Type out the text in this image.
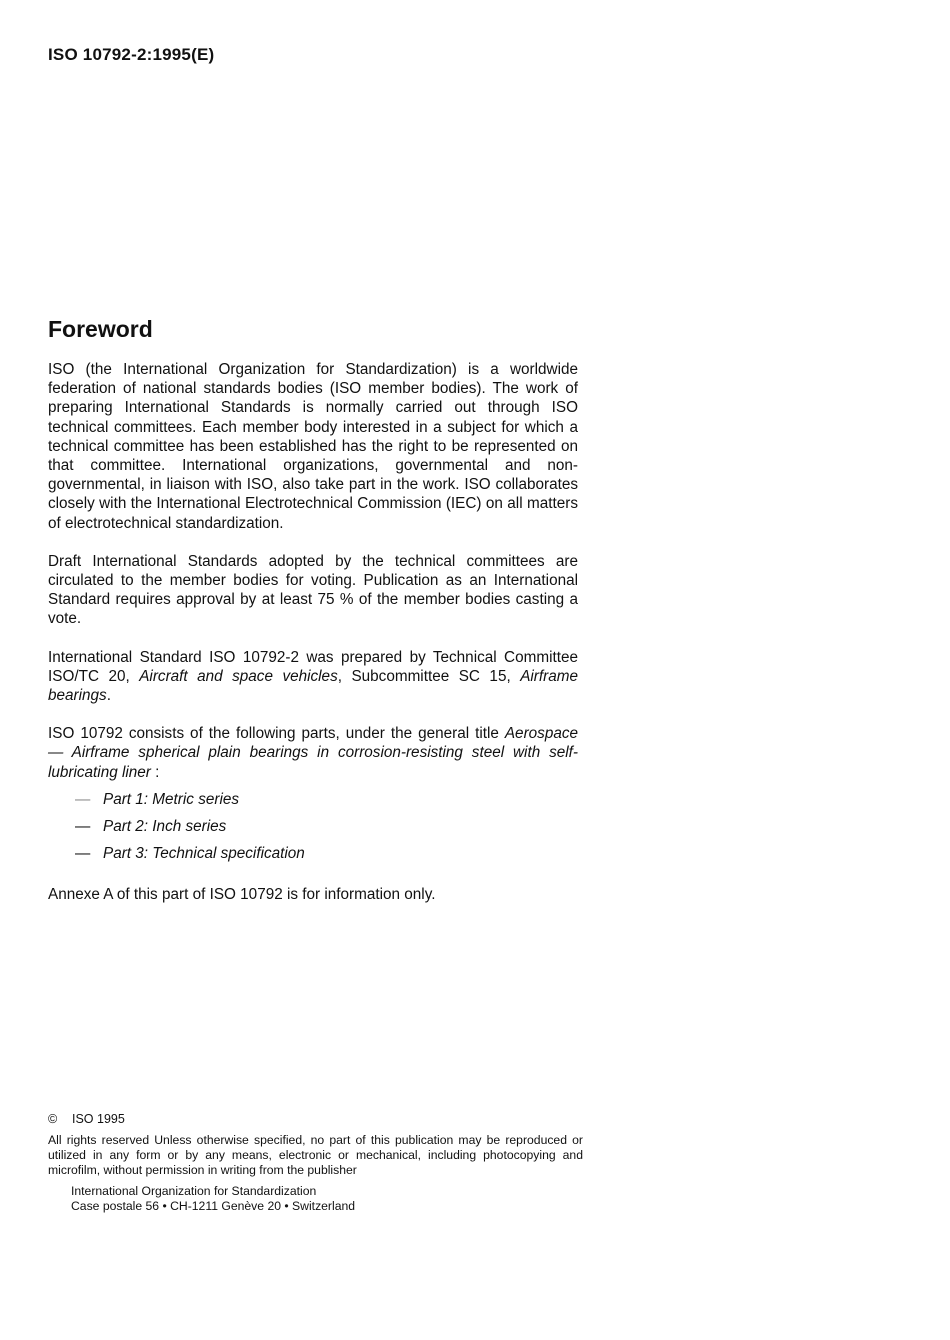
ISO 10792-2:1995(E)
Foreword

ISO (the International Organization for Standardization) is a worldwide federation of national standards bodies (ISO member bodies). The work of preparing International Standards is normally carried out through ISO technical committees. Each member body interested in a subject for which a technical committee has been established has the right to be represented on that committee. International organizations, governmental and non-governmental, in liaison with ISO, also take part in the work. ISO collaborates closely with the International Electrotechnical Commission (IEC) on all matters of electrotechnical standardization.

Draft International Standards adopted by the technical committees are circulated to the member bodies for voting. Publication as an International Standard requires approval by at least 75 % of the member bodies casting a vote.

International Standard ISO 10792-2 was prepared by Technical Committee ISO/TC 20, Aircraft and space vehicles, Subcommittee SC 15, Airframe bearings.

ISO 10792 consists of the following parts, under the general title Aerospace — Airframe spherical plain bearings in corrosion-resisting steel with self-lubricating liner :

— Part 1: Metric series
— Part 2: Inch series
— Part 3: Technical specification

Annexe A of this part of ISO 10792 is for information only.

© ISO 1995

All rights reserved Unless otherwise specified, no part of this publication may be reproduced or utilized in any form or by any means, electronic or mechanical, including photocopying and microfilm, without permission in writing from the publisher

International Organization for Standardization
Case postale 56 • CH-1211 Genève 20 • Switzerland
